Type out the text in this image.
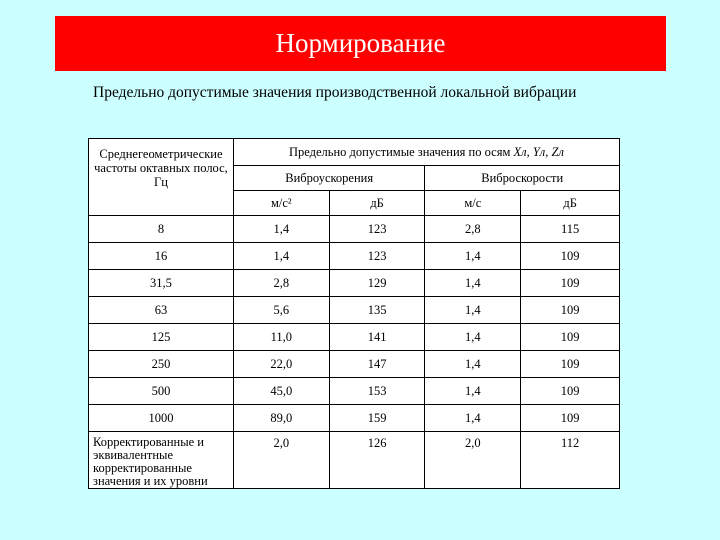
Нормирование
Предельно допустимые значения производственной локальной вибрации
Среднегеометрические частоты октавных полос, Гц	Предельно допустимые значения по осям Xл, Yл, Zл			
	Виброускорения		Виброскорости	
	м/с²	дБ	м/с	дБ
8	1,4	123	2,8	115
16	1,4	123	1,4	109
31,5	2,8	129	1,4	109
63	5,6	135	1,4	109
125	11,0	141	1,4	109
250	22,0	147	1,4	109
500	45,0	153	1,4	109
1000	89,0	159	1,4	109
Корректированные и эквивалентные корректированные значения и их уровни	2,0	126	2,0	112
